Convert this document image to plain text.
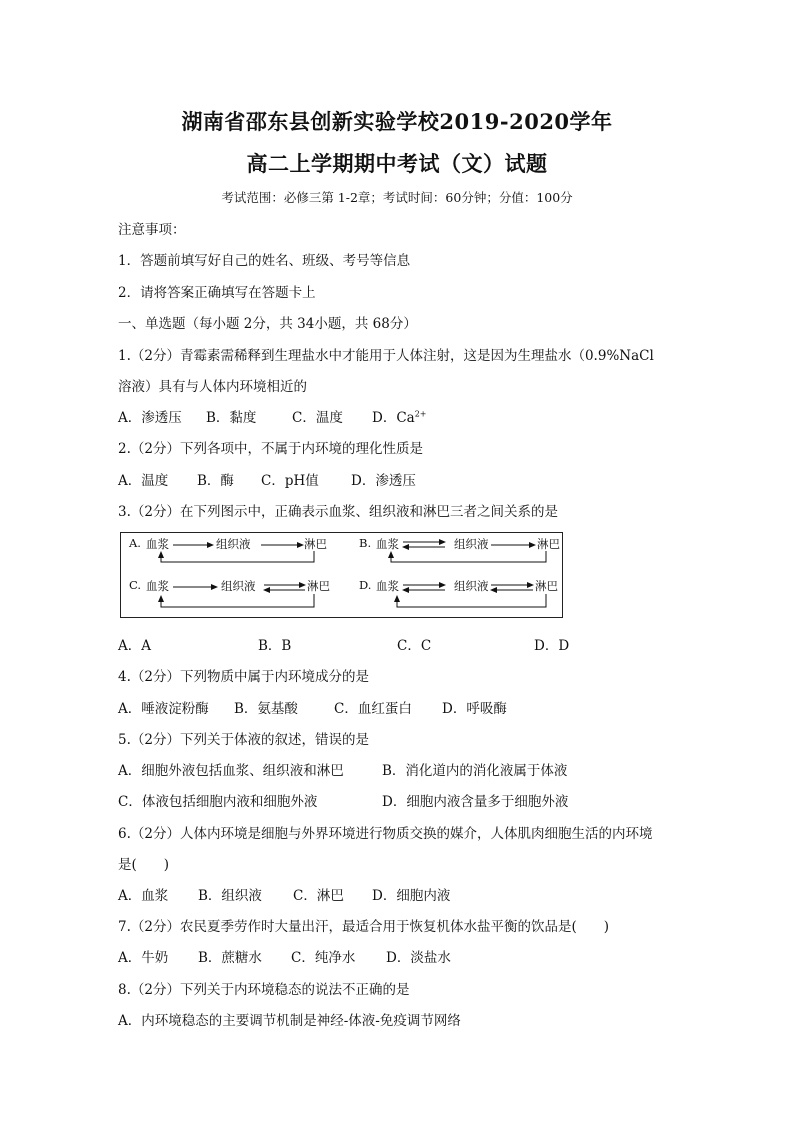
湖南省邵东县创新实验学校2019-2020学年
高二上学期期中考试（文）试题
考试范围：必修三第 1-2章；考试时间：60分钟；分值：100分
注意事项：
1．答题前填写好自己的姓名、班级、考号等信息
2．请将答案正确填写在答题卡上
一、单选题（每小题 2分，共 34小题，共 68分）
1.（2分）青霉素需稀释到生理盐水中才能用于人体注射，这是因为生理盐水（0.9%NaCl
溶液）具有与人体内环境相近的
A．渗透压 B．黏度	C．温度 D．$Ca^{2+}$
2.（2分）下列各项中，不属于内环境的理化性质是
A．温度 B．酶 C．pH值 D．渗透压
3.（2分）在下列图示中，正确表示血浆、组织液和淋巴三者之间关系的是
A. 血浆	组织液	淋巴	B. 血浆	组织液	淋巴
C. 血浆	组织液	淋巴	D. 血浆	组织液	淋巴
A．A	B．B	C．C	D．D
4.（2分）下列物质中属于内环境成分的是
A．唾液淀粉酶 B．氨基酸	C．血红蛋白 D．呼吸酶
5.（2分）下列关于体液的叙述，错误的是
A．细胞外液包括血浆、组织液和淋巴	B．消化道内的消化液属于体液
C．体液包括细胞内液和细胞外液	D．细胞内液含量多于细胞外液
6.（2分）人体内环境是细胞与外界环境进行物质交换的媒介，人体肌肉细胞生活的内环境
是(　　)
A．血浆 B．组织液 C．淋巴 D．细胞内液
7.（2分）农民夏季劳作时大量出汗，最适合用于恢复机体水盐平衡的饮品是(　　)
A．牛奶 B．蔗糖水 C．纯净水 D．淡盐水
8.（2分）下列关于内环境稳态的说法不正确的是
A．内环境稳态的主要调节机制是神经-体液-免疫调节网络
